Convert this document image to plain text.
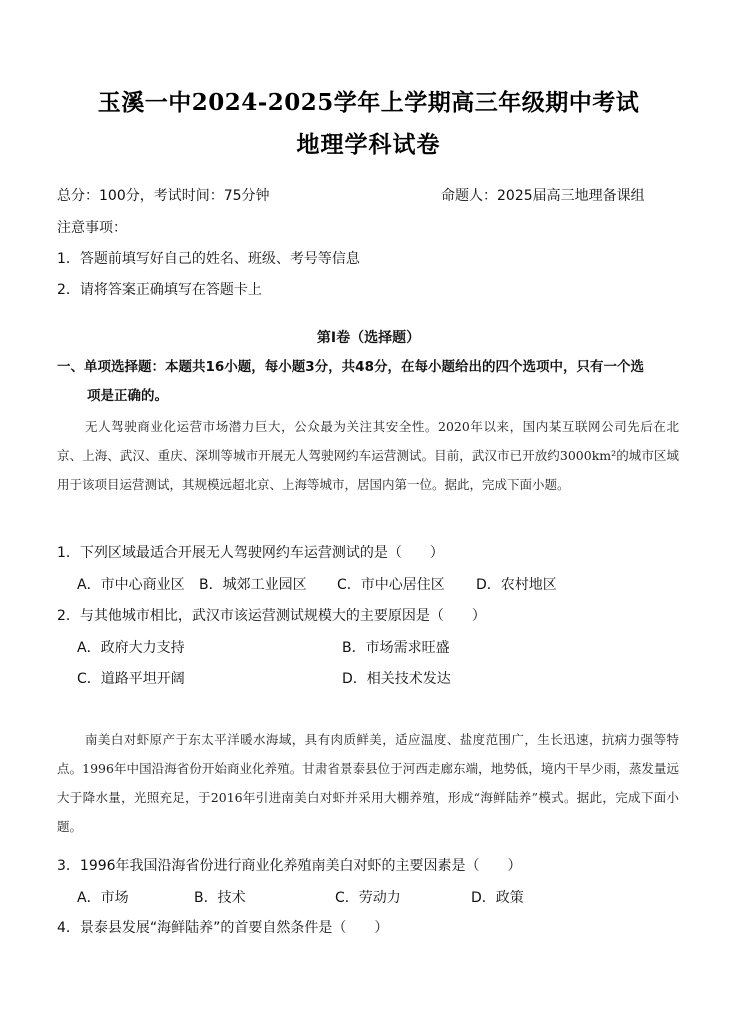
玉溪一中2024-2025学年上学期高三年级期中考试
地理学科试卷
总分：100分，考试时间：75分钟	命题人：2025届高三地理备课组
注意事项：
1．答题前填写好自己的姓名、班级、考号等信息
2．请将答案正确填写在答题卡上
第Ⅰ卷（选择题）
一、单项选择题：本题共16小题，每小题3分，共48分，在每小题给出的四个选项中，只有一个选
项是正确的。
无人驾驶商业化运营市场潜力巨大，公众最为关注其安全性。2020年以来，国内某互联网公司先后在北京、上海、武汉、重庆、深圳等城市开展无人驾驶网约车运营测试。目前，武汉市已开放约3000km²的城市区域用于该项目运营测试，其规模远超北京、上海等城市，居国内第一位。据此，完成下面小题。
1．下列区域最适合开展无人驾驶网约车运营测试的是（　　）
A．市中心商业区 B．城郊工业园区 C．市中心居住区 D．农村地区
2．与其他城市相比，武汉市该运营测试规模大的主要原因是（　　）
A．政府大力支持	B．市场需求旺盛
C．道路平坦开阔	D．相关技术发达
南美白对虾原产于东太平洋暖水海域，具有肉质鲜美，适应温度、盐度范围广，生长迅速，抗病力强等特点。1996年中国沿海省份开始商业化养殖。甘肃省景泰县位于河西走廊东端，地势低，境内干旱少雨，蒸发量远大于降水量，光照充足，于2016年引进南美白对虾并采用大棚养殖，形成“海鲜陆养”模式。据此，完成下面小题。
3．1996年我国沿海省份进行商业化养殖南美白对虾的主要因素是（　　）
A．市场	B．技术	C．劳动力	D．政策
4．景泰县发展“海鲜陆养”的首要自然条件是（　　）
